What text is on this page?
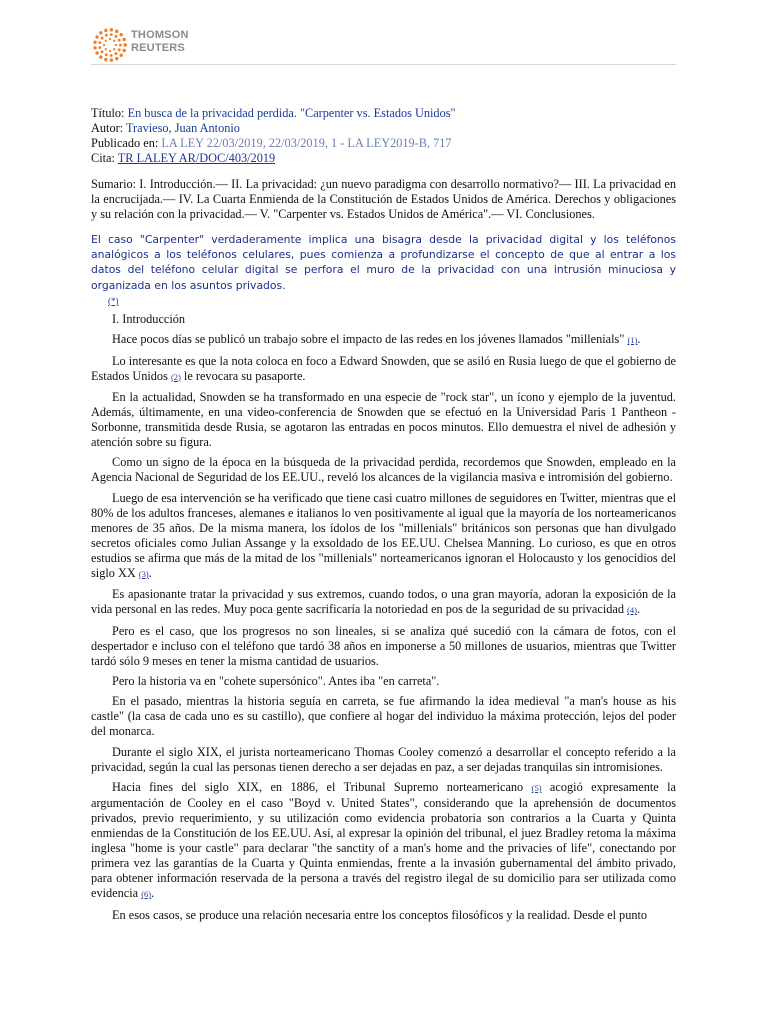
THOMSON
REUTERS
Título: En busca de la privacidad perdida. "Carpenter vs. Estados Unidos"
Autor: Travieso, Juan Antonio
Publicado en: LA LEY 22/03/2019, 22/03/2019, 1 - LA LEY2019-B, 717
Cita: TR LALEY AR/DOC/403/2019
Sumario: I. Introducción.— II. La privacidad: ¿un nuevo paradigma con desarrollo normativo?— III. La privacidad en la encrucijada.— IV. La Cuarta Enmienda de la Constitución de Estados Unidos de América. Derechos y obligaciones y su relación con la privacidad.— V. "Carpenter vs. Estados Unidos de América".— VI. Conclusiones.
El caso "Carpenter" verdaderamente implica una bisagra desde la privacidad digital y los teléfonos analógicos a los teléfonos celulares, pues comienza a profundizarse el concepto de que al entrar a los datos del teléfono celular digital se perfora el muro de la privacidad con una intrusión minuciosa y organizada en los asuntos privados.
(*)

I. Introducción

Hace pocos días se publicó un trabajo sobre el impacto de las redes en los jóvenes llamados "millenials" (1).

Lo interesante es que la nota coloca en foco a Edward Snowden, que se asiló en Rusia luego de que el gobierno de Estados Unidos (2) le revocara su pasaporte.

En la actualidad, Snowden se ha transformado en una especie de "rock star", un ícono y ejemplo de la juventud. Además, últimamente, en una video-conferencia de Snowden que se efectuó en la Universidad Paris 1 Pantheon - Sorbonne, transmitida desde Rusia, se agotaron las entradas en pocos minutos. Ello demuestra el nivel de adhesión y atención sobre su figura.

Como un signo de la época en la búsqueda de la privacidad perdida, recordemos que Snowden, empleado en la Agencia Nacional de Seguridad de los EE.UU., reveló los alcances de la vigilancia masiva e intromisión del gobierno.

Luego de esa intervención se ha verificado que tiene casi cuatro millones de seguidores en Twitter, mientras que el 80% de los adultos franceses, alemanes e italianos lo ven positivamente al igual que la mayoría de los norteamericanos menores de 35 años. De la misma manera, los ídolos de los "millenials" británicos son personas que han divulgado secretos oficiales como Julian Assange y la exsoldado de los EE.UU. Chelsea Manning. Lo curioso, es que en otros estudios se afirma que más de la mitad de los "millenials" norteamericanos ignoran el Holocausto y los genocidios del siglo XX (3).

Es apasionante tratar la privacidad y sus extremos, cuando todos, o una gran mayoría, adoran la exposición de la vida personal en las redes. Muy poca gente sacrificaría la notoriedad en pos de la seguridad de su privacidad (4).

Pero es el caso, que los progresos no son lineales, si se analiza qué sucedió con la cámara de fotos, con el despertador e incluso con el teléfono que tardó 38 años en imponerse a 50 millones de usuarios, mientras que Twitter tardó sólo 9 meses en tener la misma cantidad de usuarios.

Pero la historia va en "cohete supersónico". Antes iba "en carreta".

En el pasado, mientras la historia seguía en carreta, se fue afirmando la idea medieval "a man's house as his castle" (la casa de cada uno es su castillo), que confiere al hogar del individuo la máxima protección, lejos del poder del monarca.

Durante el siglo XIX, el jurista norteamericano Thomas Cooley comenzó a desarrollar el concepto referido a la privacidad, según la cual las personas tienen derecho a ser dejadas en paz, a ser dejadas tranquilas sin intromisiones.

Hacia fines del siglo XIX, en 1886, el Tribunal Supremo norteamericano (5) acogió expresamente la argumentación de Cooley en el caso "Boyd v. United States", considerando que la aprehensión de documentos privados, previo requerimiento, y su utilización como evidencia probatoria son contrarios a la Cuarta y Quinta enmiendas de la Constitución de los EE.UU. Así, al expresar la opinión del tribunal, el juez Bradley retoma la máxima inglesa "home is your castle" para declarar "the sanctity of a man's home and the privacies of life", conectando por primera vez las garantías de la Cuarta y Quinta enmiendas, frente a la invasión gubernamental del ámbito privado, para obtener información reservada de la persona a través del registro ilegal de su domicilio para ser utilizada como evidencia (6).

En esos casos, se produce una relación necesaria entre los conceptos filosóficos y la realidad. Desde el punto
